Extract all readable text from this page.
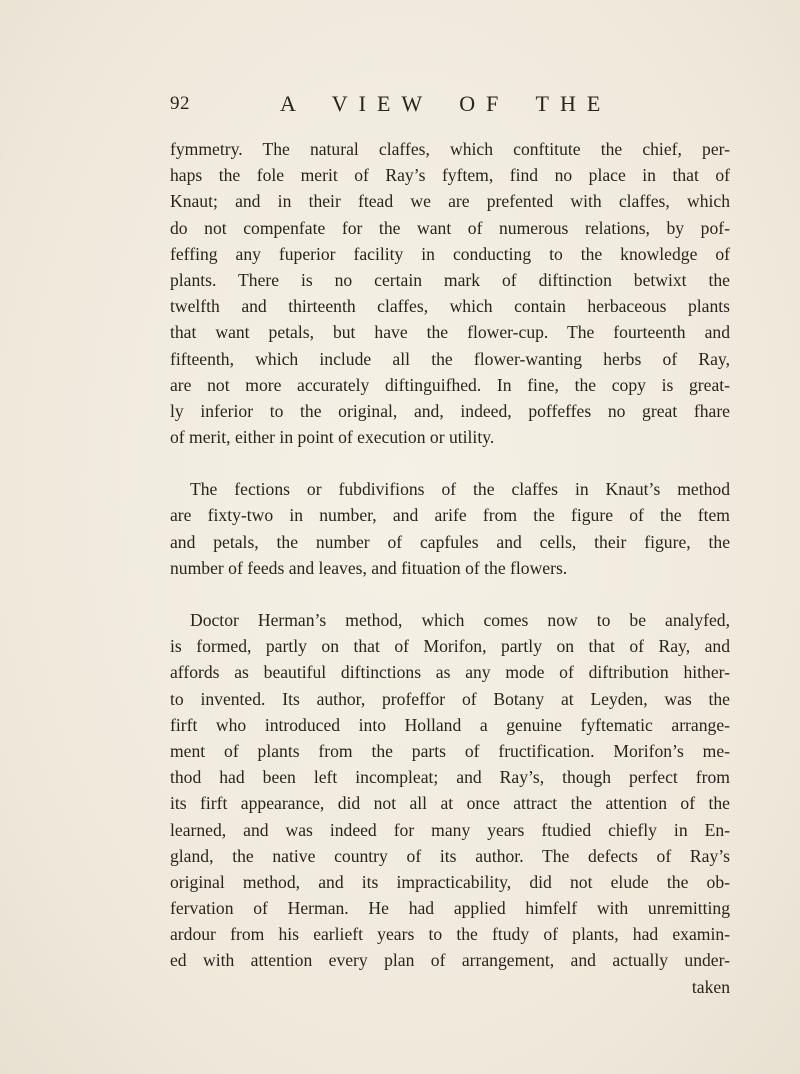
92	A VIEW OF THE
fymmetry. The natural claffes, which conftitute the chief, per-
haps the fole merit of Ray’s fyftem, find no place in that of
Knaut; and in their ftead we are prefented with claffes, which
do not compenfate for the want of numerous relations, by pof-
feffing any fuperior facility in conducting to the knowledge of
plants. There is no certain mark of diftinction betwixt the
twelfth and thirteenth claffes, which contain herbaceous plants
that want petals, but have the flower-cup. The fourteenth and
fifteenth, which include all the flower-wanting herbs of Ray,
are not more accurately diftinguifhed. In fine, the copy is great-
ly inferior to the original, and, indeed, poffeffes no great fhare
of merit, either in point of execution or utility.
The fections or fubdivifions of the claffes in Knaut’s method
are fixty-two in number, and arife from the figure of the ftem
and petals, the number of capfules and cells, their figure, the
number of feeds and leaves, and fituation of the flowers.
Doctor Herman’s method, which comes now to be analyfed,
is formed, partly on that of Morifon, partly on that of Ray, and
affords as beautiful diftinctions as any mode of diftribution hither-
to invented. Its author, profeffor of Botany at Leyden, was the
firft who introduced into Holland a genuine fyftematic arrange-
ment of plants from the parts of fructification. Morifon’s me-
thod had been left incompleat; and Ray’s, though perfect from
its firft appearance, did not all at once attract the attention of the
learned, and was indeed for many years ftudied chiefly in En-
gland, the native country of its author. The defects of Ray’s
original method, and its impracticability, did not elude the ob-
fervation of Herman. He had applied himfelf with unremitting
ardour from his earlieft years to the ftudy of plants, had examin-
ed with attention every plan of arrangement, and actually under-
taken
